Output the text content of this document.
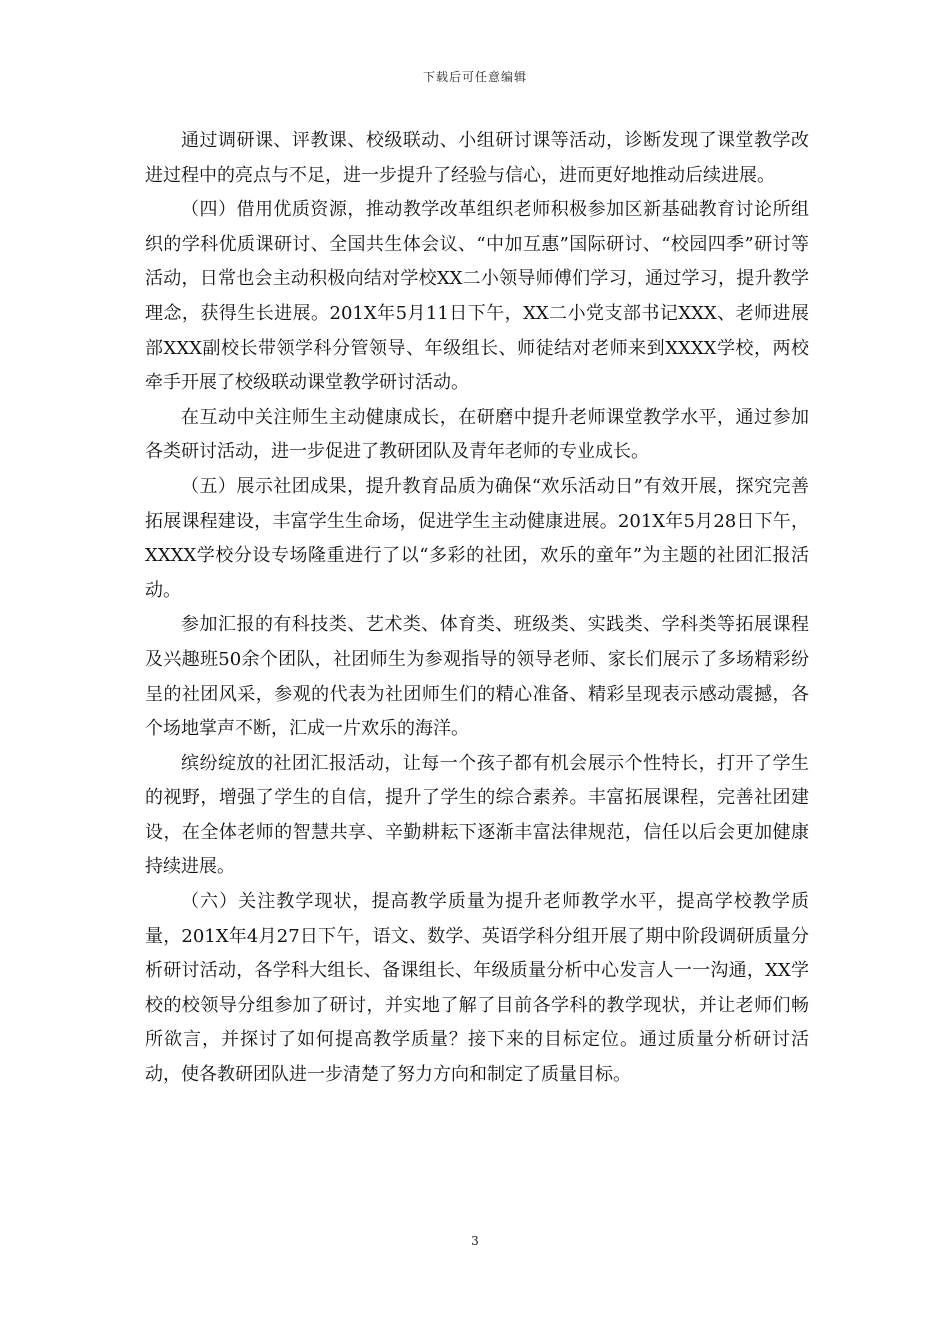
下载后可任意编辑

通过调研课、评教课、校级联动、小组研讨课等活动，诊断发现了课堂教学改进过程中的亮点与不足，进一步提升了经验与信心，进而更好地推动后续进展。

（四）借用优质资源，推动教学改革组织老师积极参加区新基础教育讨论所组织的学科优质课研讨、全国共生体会议、“中加互惠”国际研讨、“校园四季”研讨等活动，日常也会主动积极向结对学校XX二小领导师傅们学习，通过学习，提升教学理念，获得生长进展。201X年5月11日下午，XX二小党支部书记XXX、老师进展部XXX副校长带领学科分管领导、年级组长、师徒结对老师来到XXXX学校，两校牵手开展了校级联动课堂教学研讨活动。

在互动中关注师生主动健康成长，在研磨中提升老师课堂教学水平，通过参加各类研讨活动，进一步促进了教研团队及青年老师的专业成长。

（五）展示社团成果，提升教育品质为确保“欢乐活动日”有效开展，探究完善拓展课程建设，丰富学生生命场，促进学生主动健康进展。201X年5月28日下午，XXXX学校分设专场隆重进行了以“多彩的社团，欢乐的童年”为主题的社团汇报活动。

参加汇报的有科技类、艺术类、体育类、班级类、实践类、学科类等拓展课程及兴趣班50余个团队，社团师生为参观指导的领导老师、家长们展示了多场精彩纷呈的社团风采，参观的代表为社团师生们的精心准备、精彩呈现表示感动震撼，各个场地掌声不断，汇成一片欢乐的海洋。

缤纷绽放的社团汇报活动，让每一个孩子都有机会展示个性特长，打开了学生的视野，增强了学生的自信，提升了学生的综合素养。丰富拓展课程，完善社团建设，在全体老师的智慧共享、辛勤耕耘下逐渐丰富法律规范，信任以后会更加健康持续进展。

（六）关注教学现状，提高教学质量为提升老师教学水平，提高学校教学质量，201X年4月27日下午，语文、数学、英语学科分组开展了期中阶段调研质量分析研讨活动，各学科大组长、备课组长、年级质量分析中心发言人一一沟通，XX学校的校领导分组参加了研讨，并实地了解了目前各学科的教学现状，并让老师们畅所欲言，并探讨了如何提高教学质量？接下来的目标定位。通过质量分析研讨活动，使各教研团队进一步清楚了努力方向和制定了质量目标。

3
